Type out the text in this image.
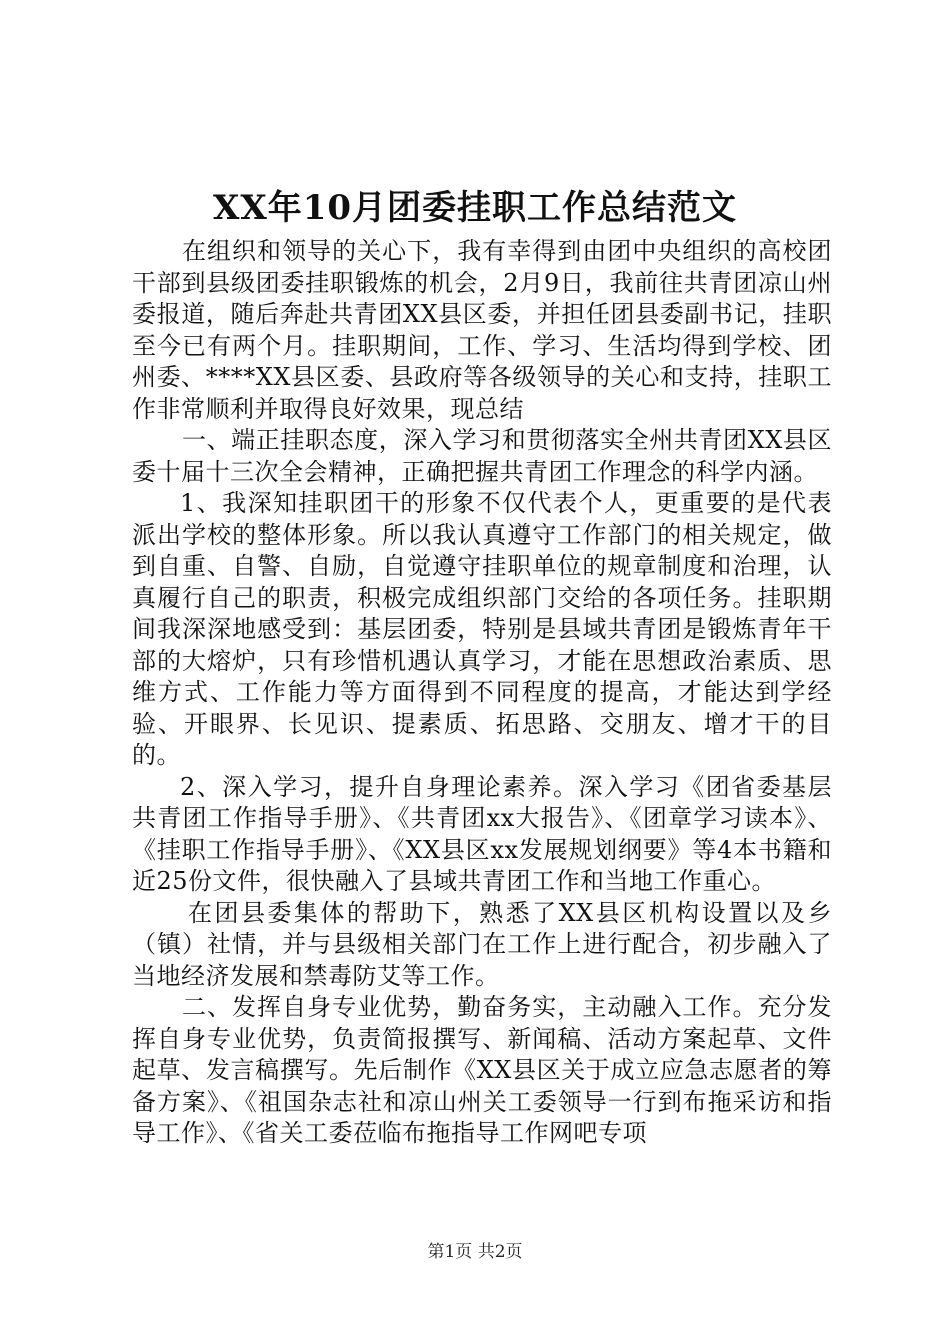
XX年10月团委挂职工作总结范文

在组织和领导的关心下，我有幸得到由团中央组织的高校团干部到县级团委挂职锻炼的机会，2月9日，我前往共青团凉山州委报道，随后奔赴共青团XX县区委，并担任团县委副书记，挂职至今已有两个月。挂职期间，工作、学习、生活均得到学校、团州委、****XX县区委、县政府等各级领导的关心和支持，挂职工作非常顺利并取得良好效果，现总结

一、端正挂职态度，深入学习和贯彻落实全州共青团XX县区委十届十三次全会精神，正确把握共青团工作理念的科学内涵。

1、我深知挂职团干的形象不仅代表个人，更重要的是代表派出学校的整体形象。所以我认真遵守工作部门的相关规定，做到自重、自警、自励，自觉遵守挂职单位的规章制度和治理，认真履行自己的职责，积极完成组织部门交给的各项任务。挂职期间我深深地感受到：基层团委，特别是县域共青团是锻炼青年干部的大熔炉，只有珍惜机遇认真学习，才能在思想政治素质、思维方式、工作能力等方面得到不同程度的提高，才能达到学经验、开眼界、长见识、提素质、拓思路、交朋友、增才干的目的。

2、深入学习，提升自身理论素养。深入学习《团省委基层共青团工作指导手册》、《共青团xx大报告》、《团章学习读本》、《挂职工作指导手册》、《XX县区xx发展规划纲要》等4本书籍和近25份文件，很快融入了县域共青团工作和当地工作重心。

在团县委集体的帮助下，熟悉了XX县区机构设置以及乡（镇）社情，并与县级相关部门在工作上进行配合，初步融入了当地经济发展和禁毒防艾等工作。

二、发挥自身专业优势，勤奋务实，主动融入工作。充分发挥自身专业优势，负责简报撰写、新闻稿、活动方案起草、文件起草、发言稿撰写。先后制作《XX县区关于成立应急志愿者的筹备方案》、《祖国杂志社和凉山州关工委领导一行到布拖采访和指导工作》、《省关工委莅临布拖指导工作网吧专项

第1页 共2页
